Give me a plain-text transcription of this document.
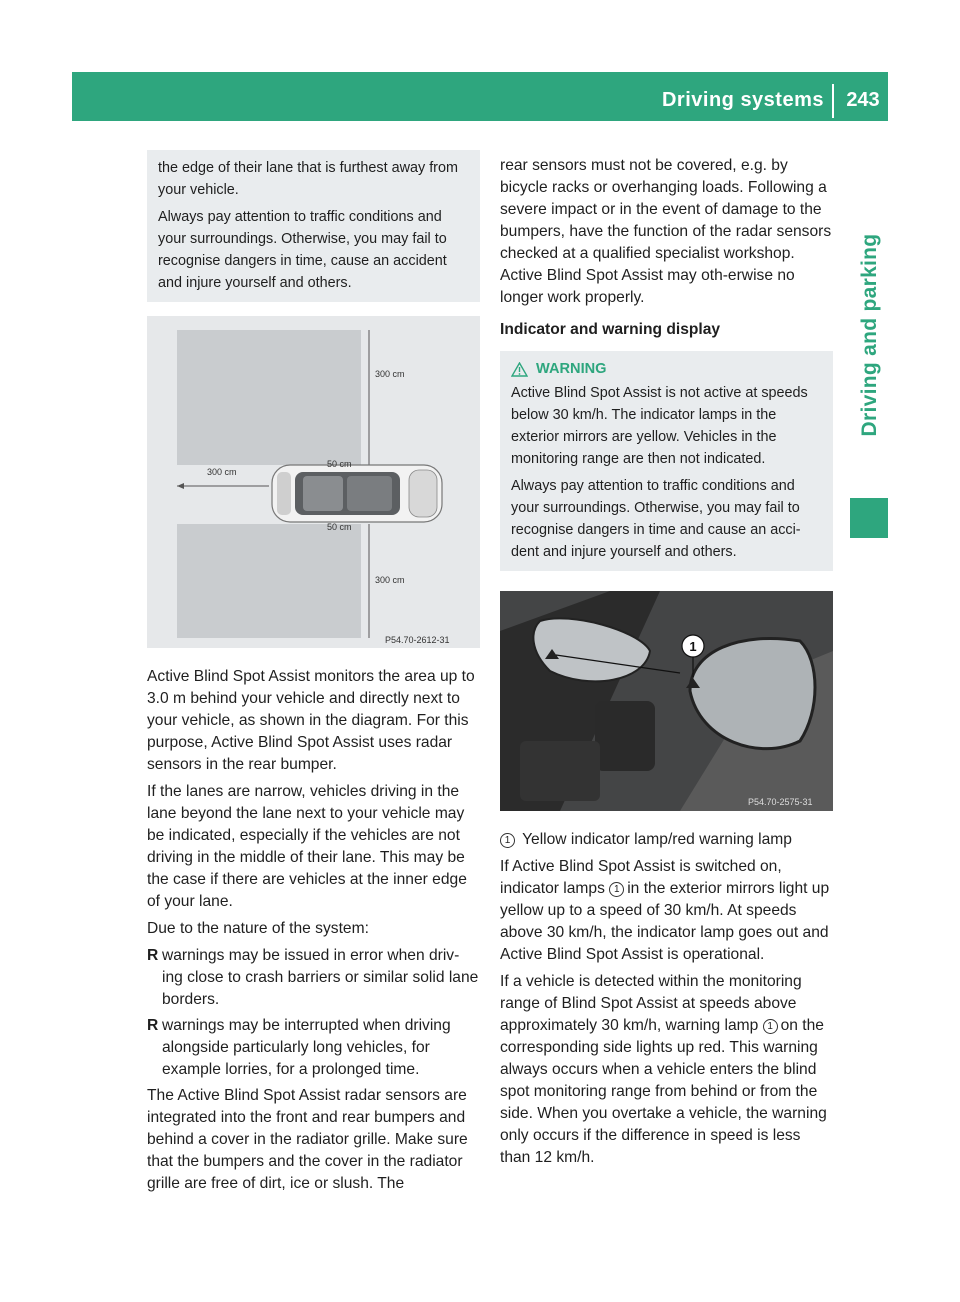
Driving systems	243
Driving and parking

the edge of their lane that is furthest away from your vehicle.

Always pay attention to traffic conditions and your surroundings. Otherwise, you may fail to recognise dangers in time, cause an accident and injure yourself and others.

300 cm
50 cm
300 cm
50 cm
300 cm
P54.70-2612-31

Active Blind Spot Assist monitors the area up to 3.0 m behind your vehicle and directly next to your vehicle, as shown in the diagram. For this purpose, Active Blind Spot Assist uses radar sensors in the rear bumper.

If the lanes are narrow, vehicles driving in the lane beyond the lane next to your vehicle may be indicated, especially if the vehicles are not driving in the middle of their lane. This may be the case if there are vehicles at the inner edge of your lane.

Due to the nature of the system:

R warnings may be issued in error when driv-ing close to crash barriers or similar solid lane borders.
R warnings may be interrupted when driving alongside particularly long vehicles, for example lorries, for a prolonged time.

The Active Blind Spot Assist radar sensors are integrated into the front and rear bumpers and behind a cover in the radiator grille. Make sure that the bumpers and the cover in the radiator grille are free of dirt, ice or slush. The

rear sensors must not be covered, e.g. by bicycle racks or overhanging loads. Following a severe impact or in the event of damage to the bumpers, have the function of the radar sensors checked at a qualified specialist workshop. Active Blind Spot Assist may oth-erwise no longer work properly.

Indicator and warning display

WARNING

Active Blind Spot Assist is not active at speeds below 30 km/h. The indicator lamps in the exterior mirrors are yellow. Vehicles in the monitoring range are then not indicated.

Always pay attention to traffic conditions and your surroundings. Otherwise, you may fail to recognise dangers in time and cause an acci-dent and injure yourself and others.

1
P54.70-2575-31

1 Yellow indicator lamp/red warning lamp

If Active Blind Spot Assist is switched on, indicator lamps 1 in the exterior mirrors light up yellow up to a speed of 30 km/h. At speeds above 30 km/h, the indicator lamp goes out and Active Blind Spot Assist is operational.

If a vehicle is detected within the monitoring range of Blind Spot Assist at speeds above approximately 30 km/h, warning lamp 1 on the corresponding side lights up red. This warning always occurs when a vehicle enters the blind spot monitoring range from behind or from the side. When you overtake a vehicle, the warning only occurs if the difference in speed is less than 12 km/h.
